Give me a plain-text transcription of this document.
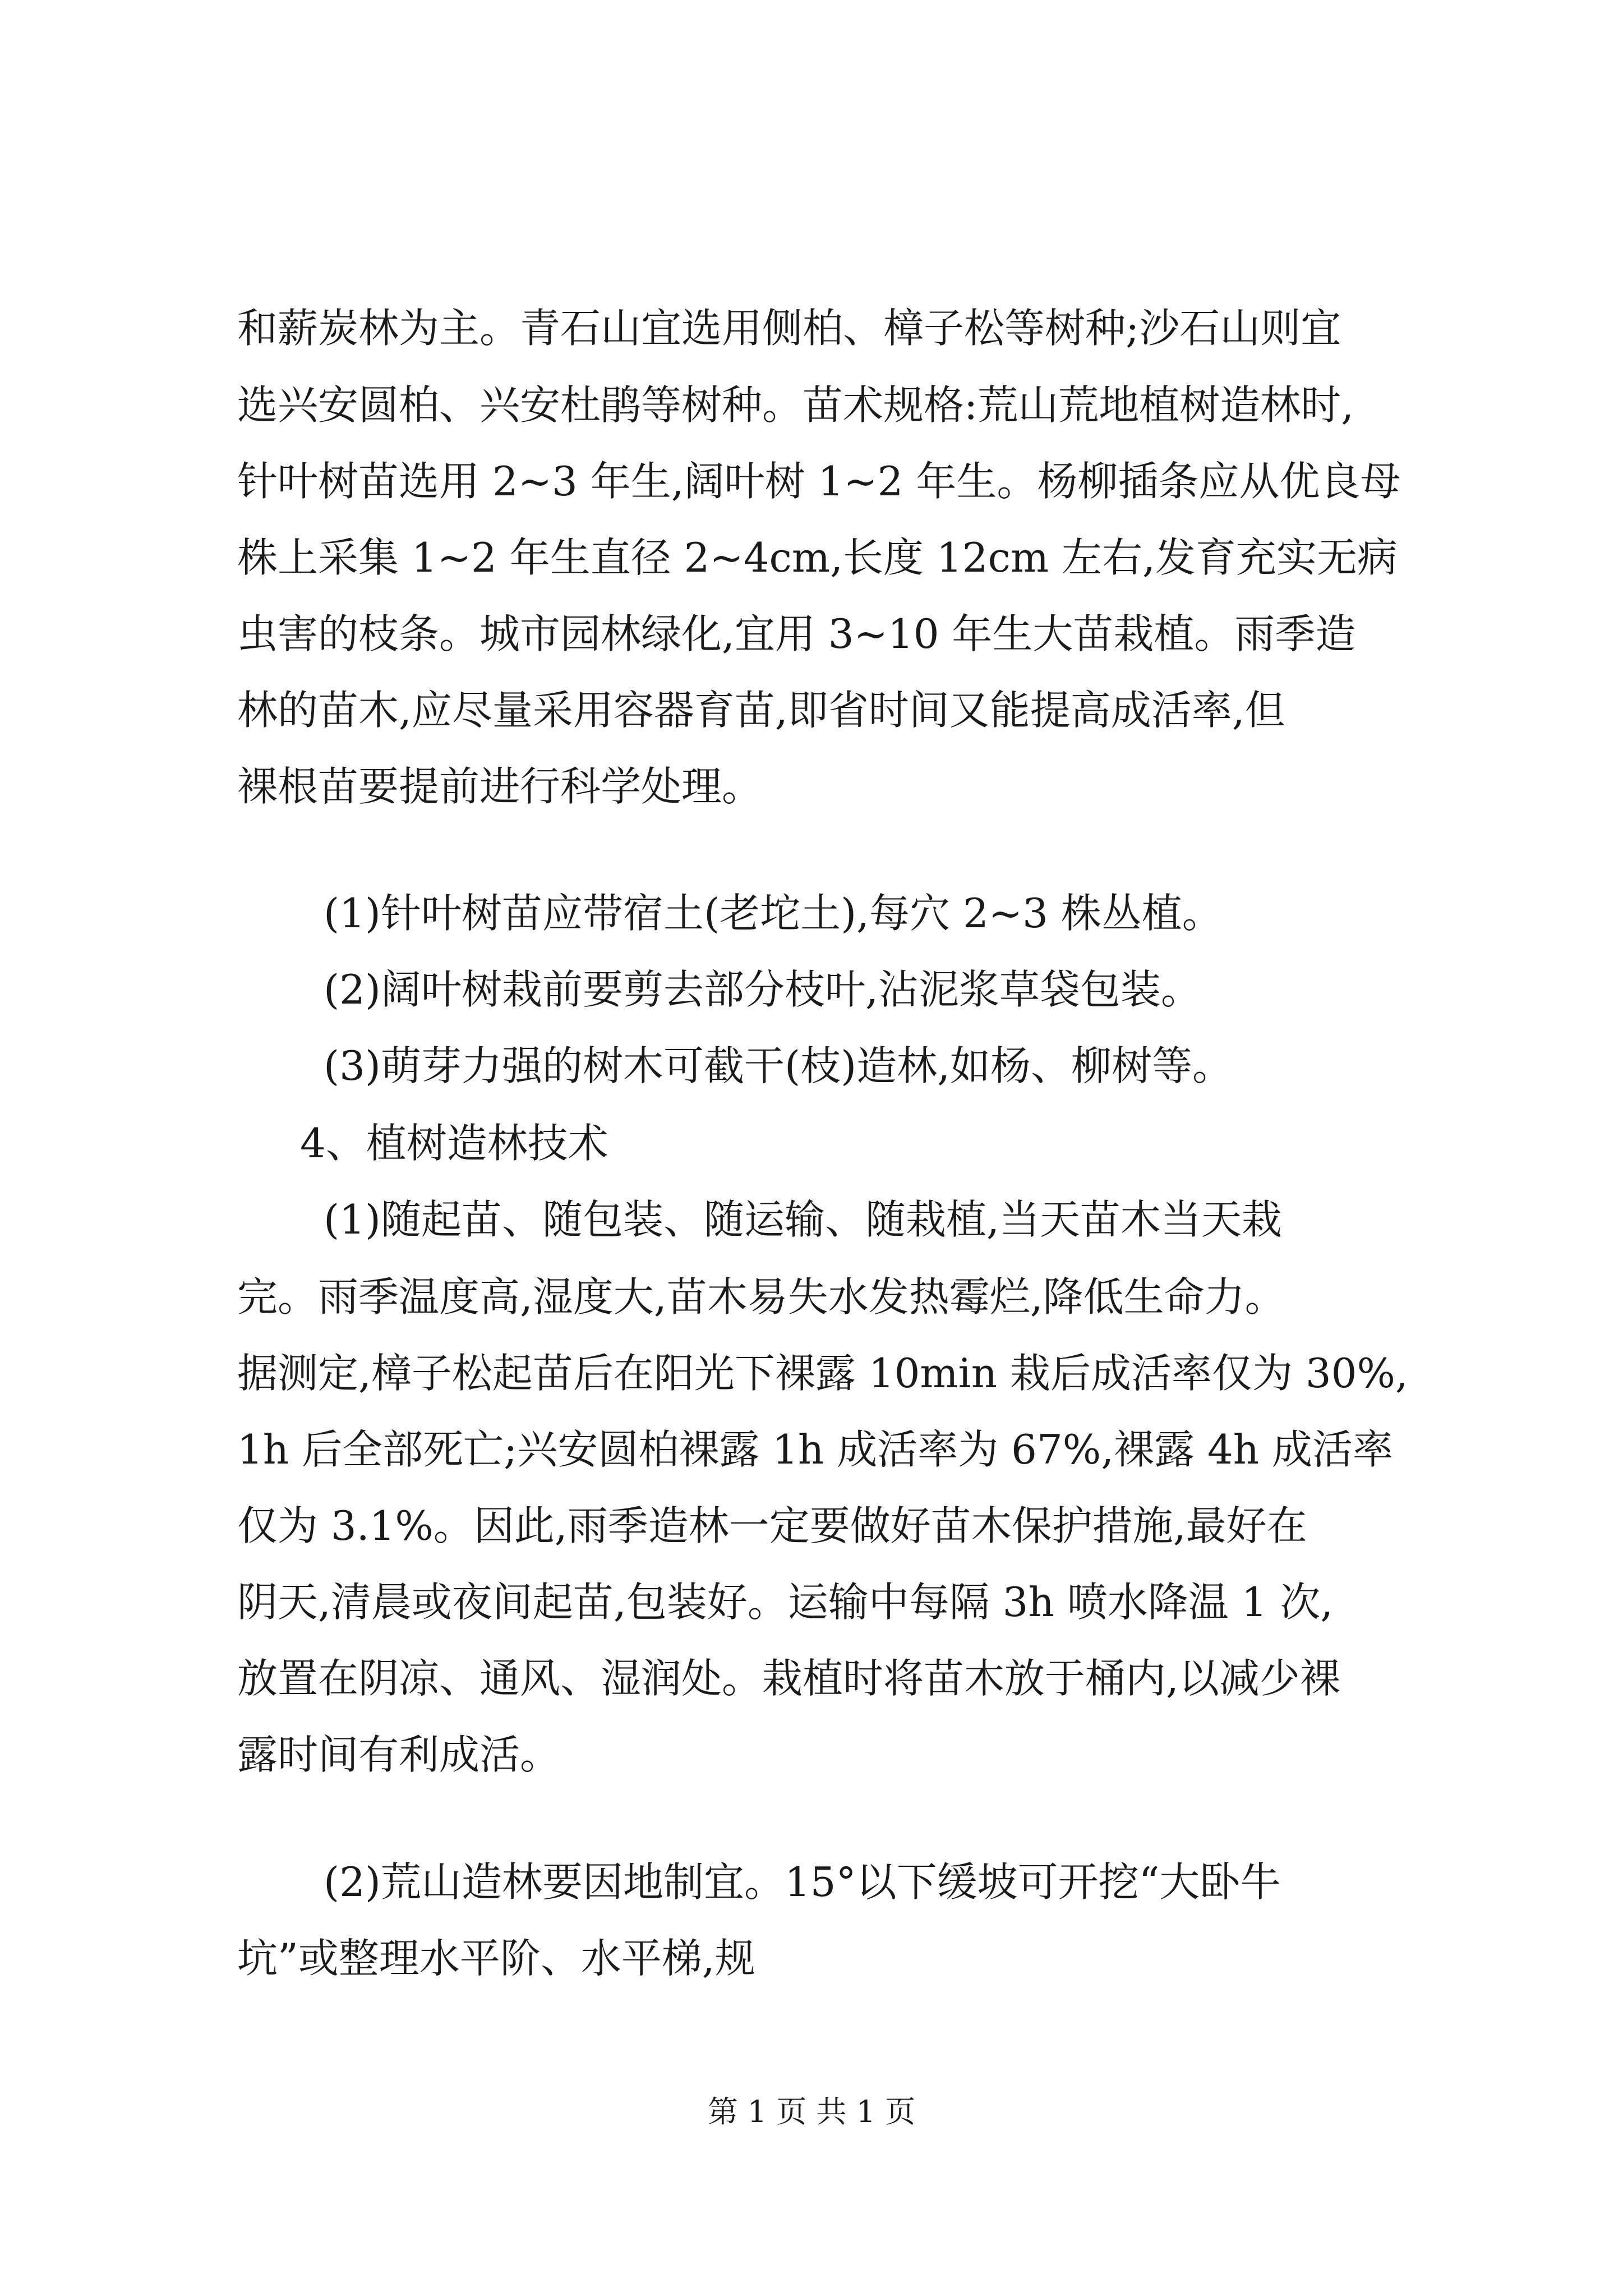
和薪炭林为主。青石山宜选用侧柏、樟子松等树种;沙石山则宜

选兴安圆柏、兴安杜鹃等树种。苗术规格:荒山荒地植树造林时,

针叶树苗选用 2~3 年生,阔叶树 1~2 年生。杨柳插条应从优良母

株上采集 1~2 年生直径 2~4cm,长度 12cm 左右,发育充实无病

虫害的枝条。城市园林绿化,宜用 3~10 年生大苗栽植。雨季造

林的苗木,应尽量采用容器育苗,即省时间又能提高成活率,但

裸根苗要提前进行科学处理。

(1)针叶树苗应带宿土(老坨土),每穴 2~3 株丛植。

(2)阔叶树栽前要剪去部分枝叶,沾泥浆草袋包装。

(3)萌芽力强的树木可截干(枝)造林,如杨、柳树等。

4、植树造林技术

(1)随起苗、随包装、随运输、随栽植,当天苗木当天栽

完。雨季温度高,湿度大,苗木易失水发热霉烂,降低生命力。

据测定,樟子松起苗后在阳光下裸露 10min 栽后成活率仅为 30%,

1h 后全部死亡;兴安圆柏裸露 1h 成活率为 67%,裸露 4h 成活率

仅为 3.1%。因此,雨季造林一定要做好苗木保护措施,最好在

阴天,清晨或夜间起苗,包装好。运输中每隔 3h 喷水降温 1 次,

放置在阴凉、通风、湿润处。栽植时将苗木放于桶内,以减少裸

露时间有利成活。

(2)荒山造林要因地制宜。15°以下缓坡可开挖“大卧牛

坑”或整理水平阶、水平梯,规

第 1 页 共 1 页
